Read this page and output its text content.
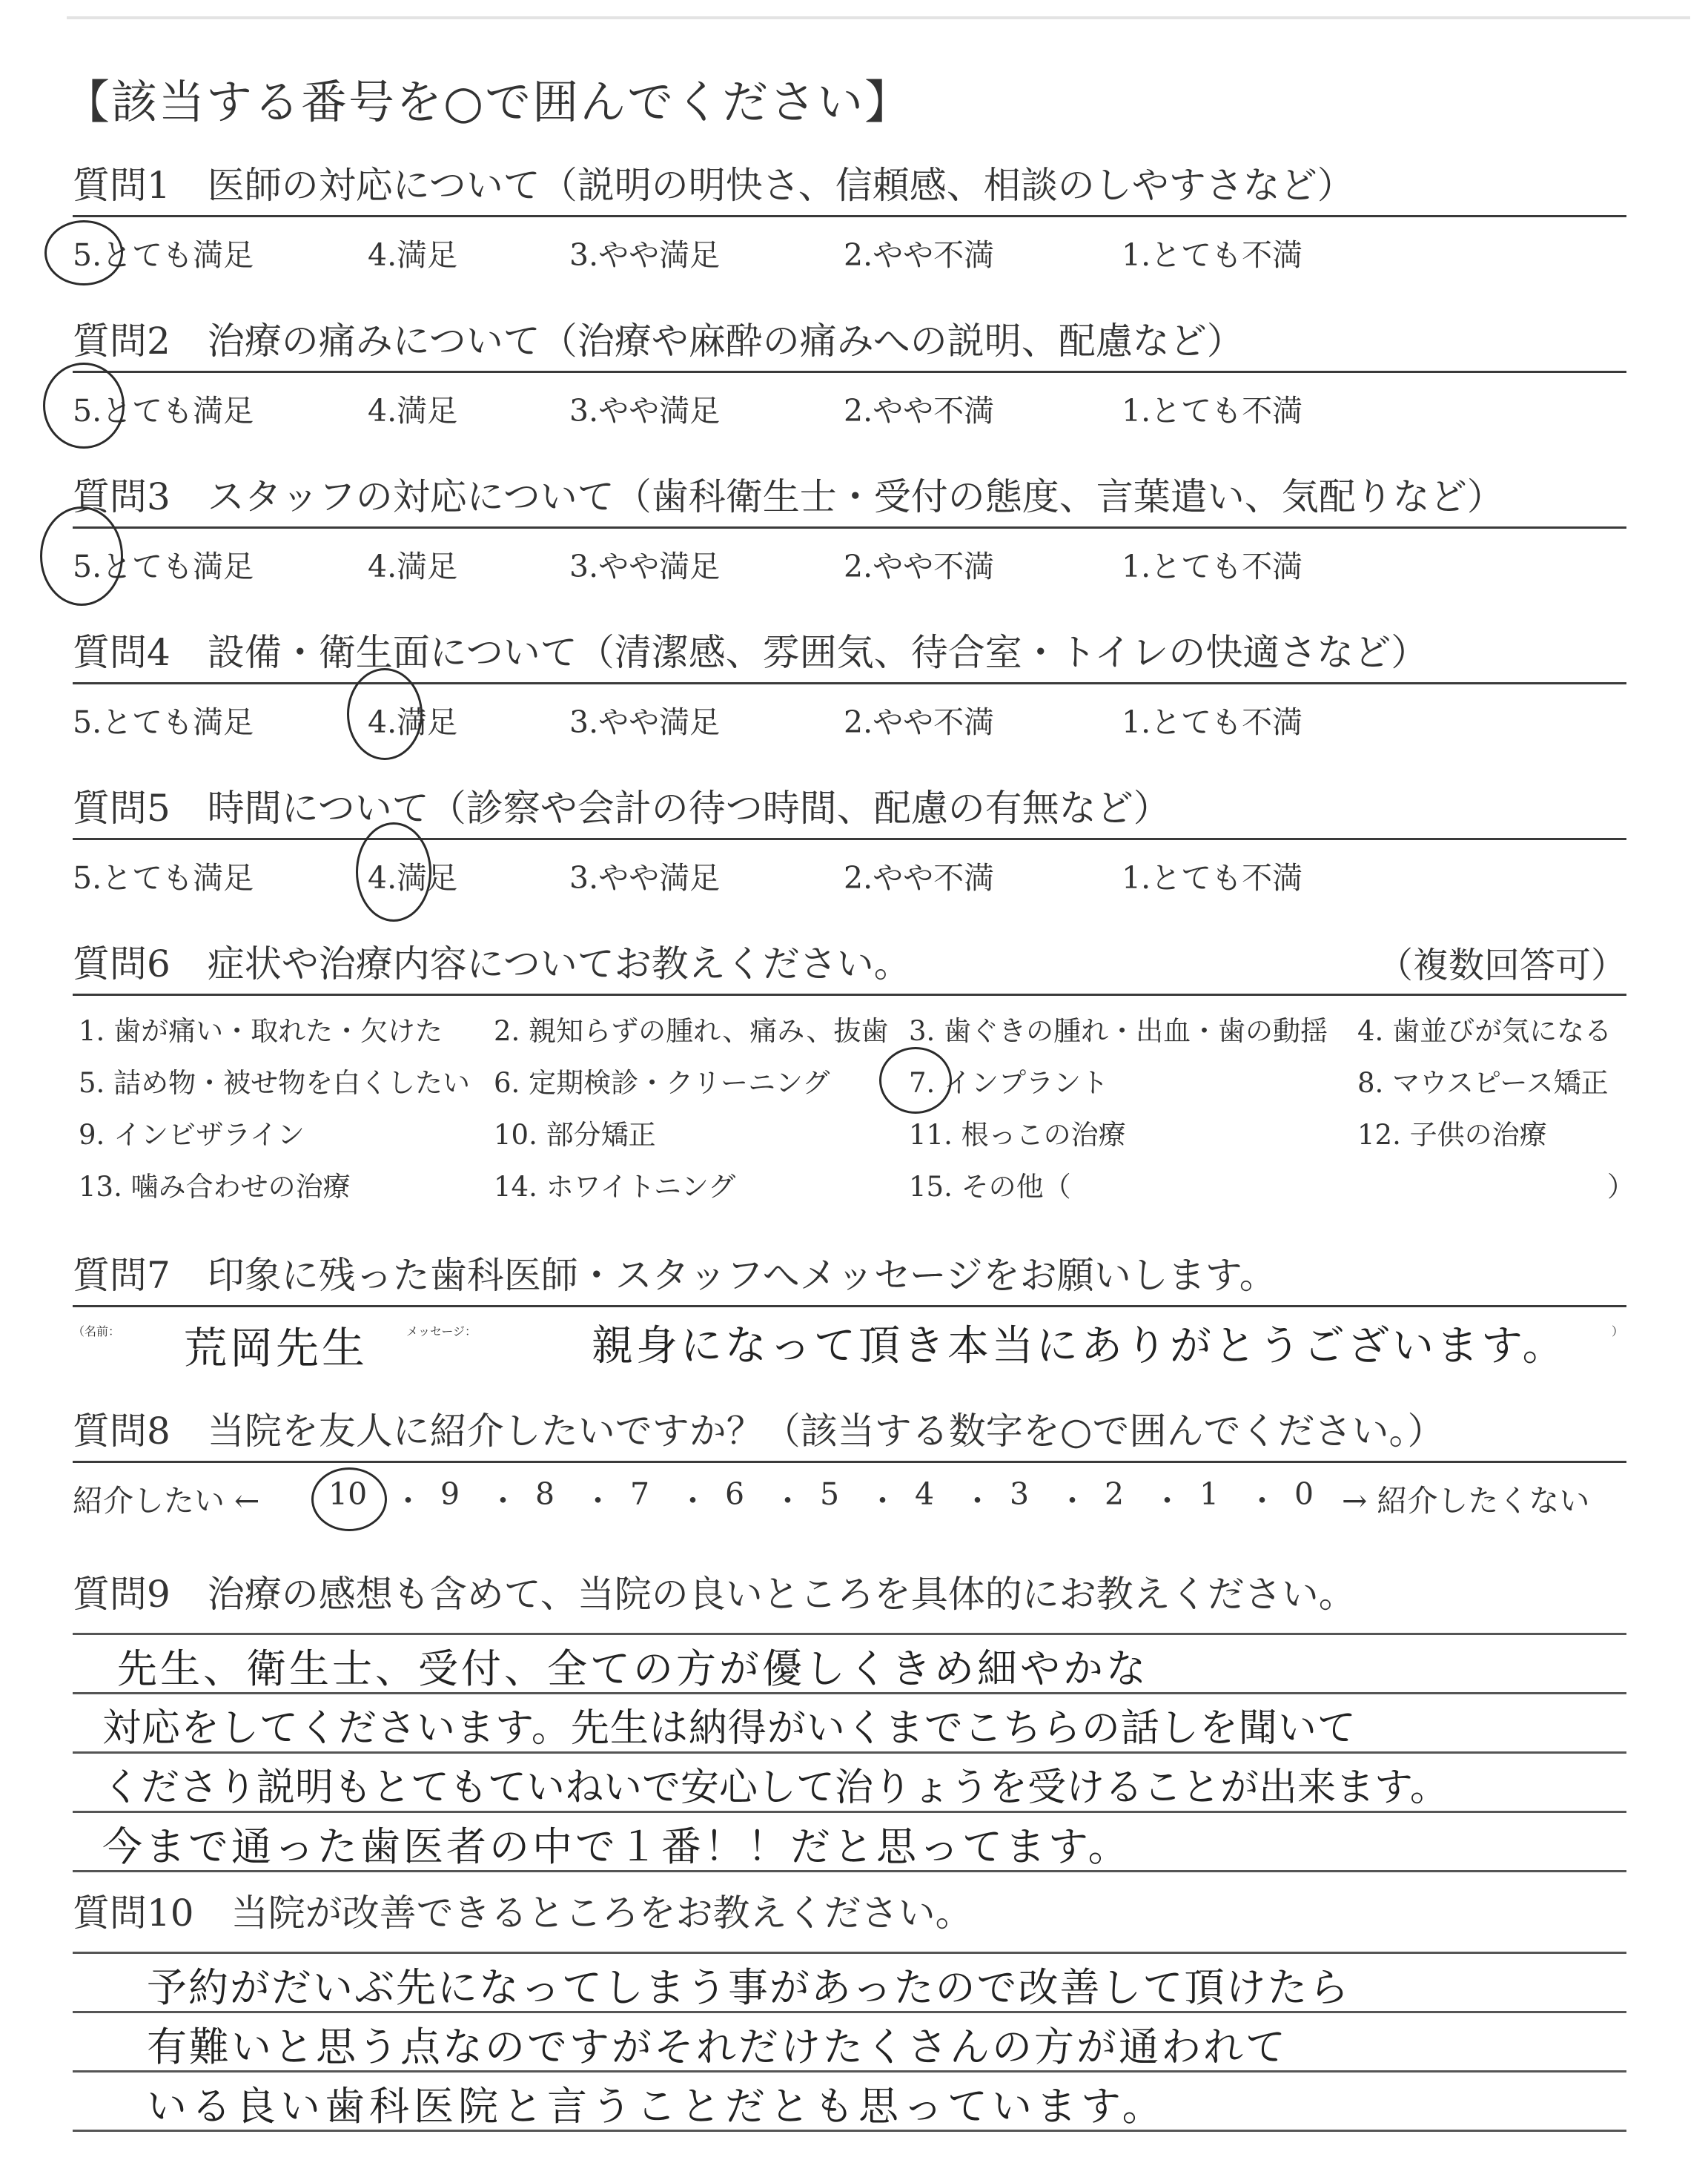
【該当する番号を○で囲んでください】
質問1　医師の対応について（説明の明快さ、信頼感、相談のしやすさなど）
5.とても満足	4.満足	3.やや満足	2.やや不満	1.とても不満
質問2　治療の痛みについて（治療や麻酔の痛みへの説明、配慮など）
5.とても満足	4.満足	3.やや満足	2.やや不満	1.とても不満
質問3　スタッフの対応について（歯科衛生士・受付の態度、言葉遣い、気配りなど）
5.とても満足	4.満足	3.やや満足	2.やや不満	1.とても不満
質問4　設備・衛生面について（清潔感、雰囲気、待合室・トイレの快適さなど）
5.とても満足	4.満足	3.やや満足	2.やや不満	1.とても不満
質問5　時間について（診察や会計の待つ時間、配慮の有無など）
5.とても満足	4.満足	3.やや満足	2.やや不満	1.とても不満
質問6　症状や治療内容についてお教えください。	（複数回答可）
1. 歯が痛い・取れた・欠けた 2. 親知らずの腫れ、痛み、抜歯 3. 歯ぐきの腫れ・出血・歯の動揺 4. 歯並びが気になる
5. 詰め物・被せ物を白くしたい 6. 定期検診・クリーニング	7. インプラント	8. マウスピース矯正
9. インビザライン	10. 部分矯正	11. 根っこの治療	12. 子供の治療
13. 噛み合わせの治療	14. ホワイトニング	15. その他（	）
質問7　印象に残った歯科医師・スタッフへメッセージをお願いします。
（名前： 荒岡先生	メッセージ：	親身になって頂き本当にありがとうございます。	）
質問8　当院を友人に紹介したいですか？（該当する数字を○で囲んでください。）
紹介したい ← 10 ・ 9 ・ 8 ・ 7 ・ 6 ・ 5 ・ 4 ・ 3 ・ 2 ・ 1 ・ 0 → 紹介したくない
質問9　治療の感想も含めて、当院の良いところを具体的にお教えください。
先生、衛生士、受付、全ての方が優しくきめ細やかな
対応をしてくださいます。先生は納得がいくまでこちらの話しを聞いて
くださり説明もとてもていねいで安心して治りょうを受けることが出来ます。
今まで通った歯医者の中で１番！！だと思ってます。
質問10　当院が改善できるところをお教えください。
予約がだいぶ先になってしまう事があったので改善して頂けたら
有難いと思う点なのですがそれだけたくさんの方が通われて
いる良い歯科医院と言うことだとも思っています。
